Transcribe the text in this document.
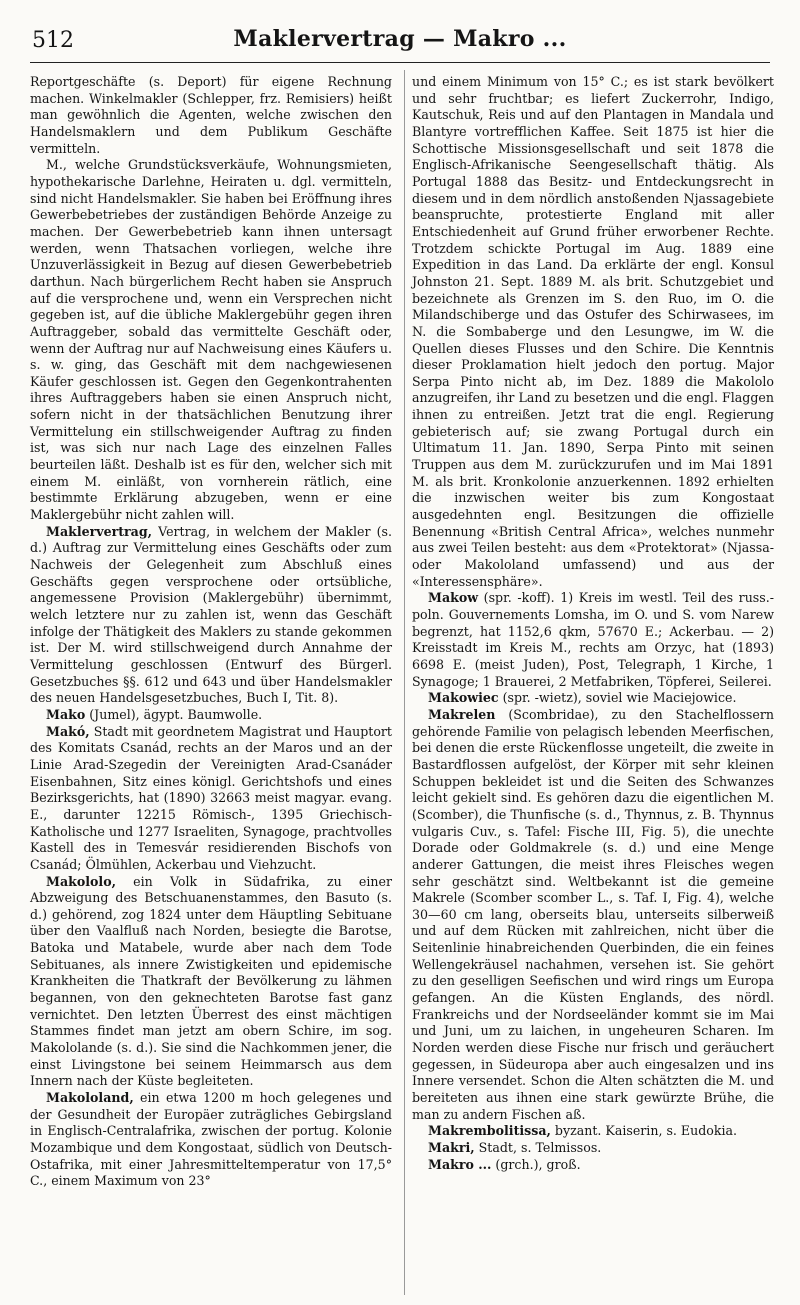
512	Maklervertrag — Makro ...

Reportgeschäfte (s. Deport) für eigene Rechnung machen. Winkelmakler (Schlepper, frz. Remisiers) heißt man gewöhnlich die Agenten, welche zwischen den Handelsmaklern und dem Publikum Geschäfte vermitteln.

M., welche Grundstücksverkäufe, Wohnungsmieten, hypothekarische Darlehne, Heiraten u. dgl. vermitteln, sind nicht Handelsmakler. Sie haben bei Eröffnung ihres Gewerbebetriebes der zuständigen Behörde Anzeige zu machen. Der Gewerbebetrieb kann ihnen untersagt werden, wenn Thatsachen vorliegen, welche ihre Unzuverlässigkeit in Bezug auf diesen Gewerbebetrieb darthun. Nach bürgerlichem Recht haben sie Anspruch auf die versprochene und, wenn ein Versprechen nicht gegeben ist, auf die übliche Maklergebühr gegen ihren Auftraggeber, sobald das vermittelte Geschäft oder, wenn der Auftrag nur auf Nachweisung eines Käufers u. s. w. ging, das Geschäft mit dem nachgewiesenen Käufer geschlossen ist. Gegen den Gegenkontrahenten ihres Auftraggebers haben sie einen Anspruch nicht, sofern nicht in der thatsächlichen Benutzung ihrer Vermittelung ein stillschweigender Auftrag zu finden ist, was sich nur nach Lage des einzelnen Falles beurteilen läßt. Deshalb ist es für den, welcher sich mit einem M. einläßt, von vornherein rätlich, eine bestimmte Erklärung abzugeben, wenn er eine Maklergebühr nicht zahlen will.

Maklervertrag, Vertrag, in welchem der Makler (s. d.) Auftrag zur Vermittelung eines Geschäfts oder zum Nachweis der Gelegenheit zum Abschluß eines Geschäfts gegen versprochene oder ortsübliche, angemessene Provision (Maklergebühr) übernimmt, welch letztere nur zu zahlen ist, wenn das Geschäft infolge der Thätigkeit des Maklers zu stande gekommen ist. Der M. wird stillschweigend durch Annahme der Vermittelung geschlossen (Entwurf des Bürgerl. Gesetzbuches §§. 612 und 643 und über Handelsmakler des neuen Handelsgesetzbuches, Buch I, Tit. 8).

Mako (Jumel), ägypt. Baumwolle.

Makó, Stadt mit geordnetem Magistrat und Hauptort des Komitats Csanád, rechts an der Maros und an der Linie Arad-Szegedin der Vereinigten Arad-Csanáder Eisenbahnen, Sitz eines königl. Gerichtshofs und eines Bezirksgerichts, hat (1890) 32663 meist magyar. evang. E., darunter 12215 Römisch-, 1395 Griechisch-Katholische und 1277 Israeliten, Synagoge, prachtvolles Kastell des in Temesvár residierenden Bischofs von Csanád; Ölmühlen, Ackerbau und Viehzucht.

Makololo, ein Volk in Südafrika, zu einer Abzweigung des Betschuanenstammes, den Basuto (s. d.) gehörend, zog 1824 unter dem Häuptling Sebituane über den Vaalfluß nach Norden, besiegte die Barotse, Batoka und Matabele, wurde aber nach dem Tode Sebituanes, als innere Zwistigkeiten und epidemische Krankheiten die Thatkraft der Bevölkerung zu lähmen begannen, von den geknechteten Barotse fast ganz vernichtet. Den letzten Überrest des einst mächtigen Stammes findet man jetzt am obern Schire, im sog. Makololande (s. d.). Sie sind die Nachkommen jener, die einst Livingstone bei seinem Heimmarsch aus dem Innern nach der Küste begleiteten.

Makololand, ein etwa 1200 m hoch gelegenes und der Gesundheit der Europäer zuträgliches Gebirgsland in Englisch-Centralafrika, zwischen der portug. Kolonie Mozambique und dem Kongostaat, südlich von Deutsch-Ostafrika, mit einer Jahresmitteltemperatur von 17,5° C., einem Maximum von 23°

und einem Minimum von 15° C.; es ist stark bevölkert und sehr fruchtbar; es liefert Zuckerrohr, Indigo, Kautschuk, Reis und auf den Plantagen in Mandala und Blantyre vortrefflichen Kaffee. Seit 1875 ist hier die Schottische Missionsgesellschaft und seit 1878 die Englisch-Afrikanische Seengesellschaft thätig. Als Portugal 1888 das Besitz- und Entdeckungsrecht in diesem und in dem nördlich anstoßenden Njassagebiete beanspruchte, protestierte England mit aller Entschiedenheit auf Grund früher erworbener Rechte. Trotzdem schickte Portugal im Aug. 1889 eine Expedition in das Land. Da erklärte der engl. Konsul Johnston 21. Sept. 1889 M. als brit. Schutzgebiet und bezeichnete als Grenzen im S. den Ruo, im O. die Milandschiberge und das Ostufer des Schirwasees, im N. die Sombaberge und den Lesungwe, im W. die Quellen dieses Flusses und den Schire. Die Kenntnis dieser Proklamation hielt jedoch den portug. Major Serpa Pinto nicht ab, im Dez. 1889 die Makololo anzugreifen, ihr Land zu besetzen und die engl. Flaggen ihnen zu entreißen. Jetzt trat die engl. Regierung gebieterisch auf; sie zwang Portugal durch ein Ultimatum 11. Jan. 1890, Serpa Pinto mit seinen Truppen aus dem M. zurückzurufen und im Mai 1891 M. als brit. Kronkolonie anzuerkennen. 1892 erhielten die inzwischen weiter bis zum Kongostaat ausgedehnten engl. Besitzungen die offizielle Benennung «British Central Africa», welches nunmehr aus zwei Teilen besteht: aus dem «Protektorat» (Njassa- oder Makololand umfassend) und aus der «Interessensphäre».

Makow (spr. -koff). 1) Kreis im westl. Teil des russ.-poln. Gouvernements Lomsha, im O. und S. vom Narew begrenzt, hat 1152,6 qkm, 57670 E.; Ackerbau. — 2) Kreisstadt im Kreis M., rechts am Orzyc, hat (1893) 6698 E. (meist Juden), Post, Telegraph, 1 Kirche, 1 Synagoge; 1 Brauerei, 2 Metfabriken, Töpferei, Seilerei.

Makowiec (spr. -wietz), soviel wie Maciejowice.

Makrelen (Scombridae), zu den Stachelflossern gehörende Familie von pelagisch lebenden Meerfischen, bei denen die erste Rückenflosse ungeteilt, die zweite in Bastardflossen aufgelöst, der Körper mit sehr kleinen Schuppen bekleidet ist und die Seiten des Schwanzes leicht gekielt sind. Es gehören dazu die eigentlichen M. (Scomber), die Thunfische (s. d., Thynnus, z. B. Thynnus vulgaris Cuv., s. Tafel: Fische III, Fig. 5), die unechte Dorade oder Goldmakrele (s. d.) und eine Menge anderer Gattungen, die meist ihres Fleisches wegen sehr geschätzt sind. Weltbekannt ist die gemeine Makrele (Scomber scomber L., s. Taf. I, Fig. 4), welche 30—60 cm lang, oberseits blau, unterseits silberweiß und auf dem Rücken mit zahlreichen, nicht über die Seitenlinie hinabreichenden Querbinden, die ein feines Wellengekräusel nachahmen, versehen ist. Sie gehört zu den geselligen Seefischen und wird rings um Europa gefangen. An die Küsten Englands, des nördl. Frankreichs und der Nordseeländer kommt sie im Mai und Juni, um zu laichen, in ungeheuren Scharen. Im Norden werden diese Fische nur frisch und geräuchert gegessen, in Südeuropa aber auch eingesalzen und ins Innere versendet. Schon die Alten schätzten die M. und bereiteten aus ihnen eine stark gewürzte Brühe, die man zu andern Fischen aß.

Makrembolitissa, byzant. Kaiserin, s. Eudokia.

Makri, Stadt, s. Telmissos.

Makro ... (grch.), groß.
